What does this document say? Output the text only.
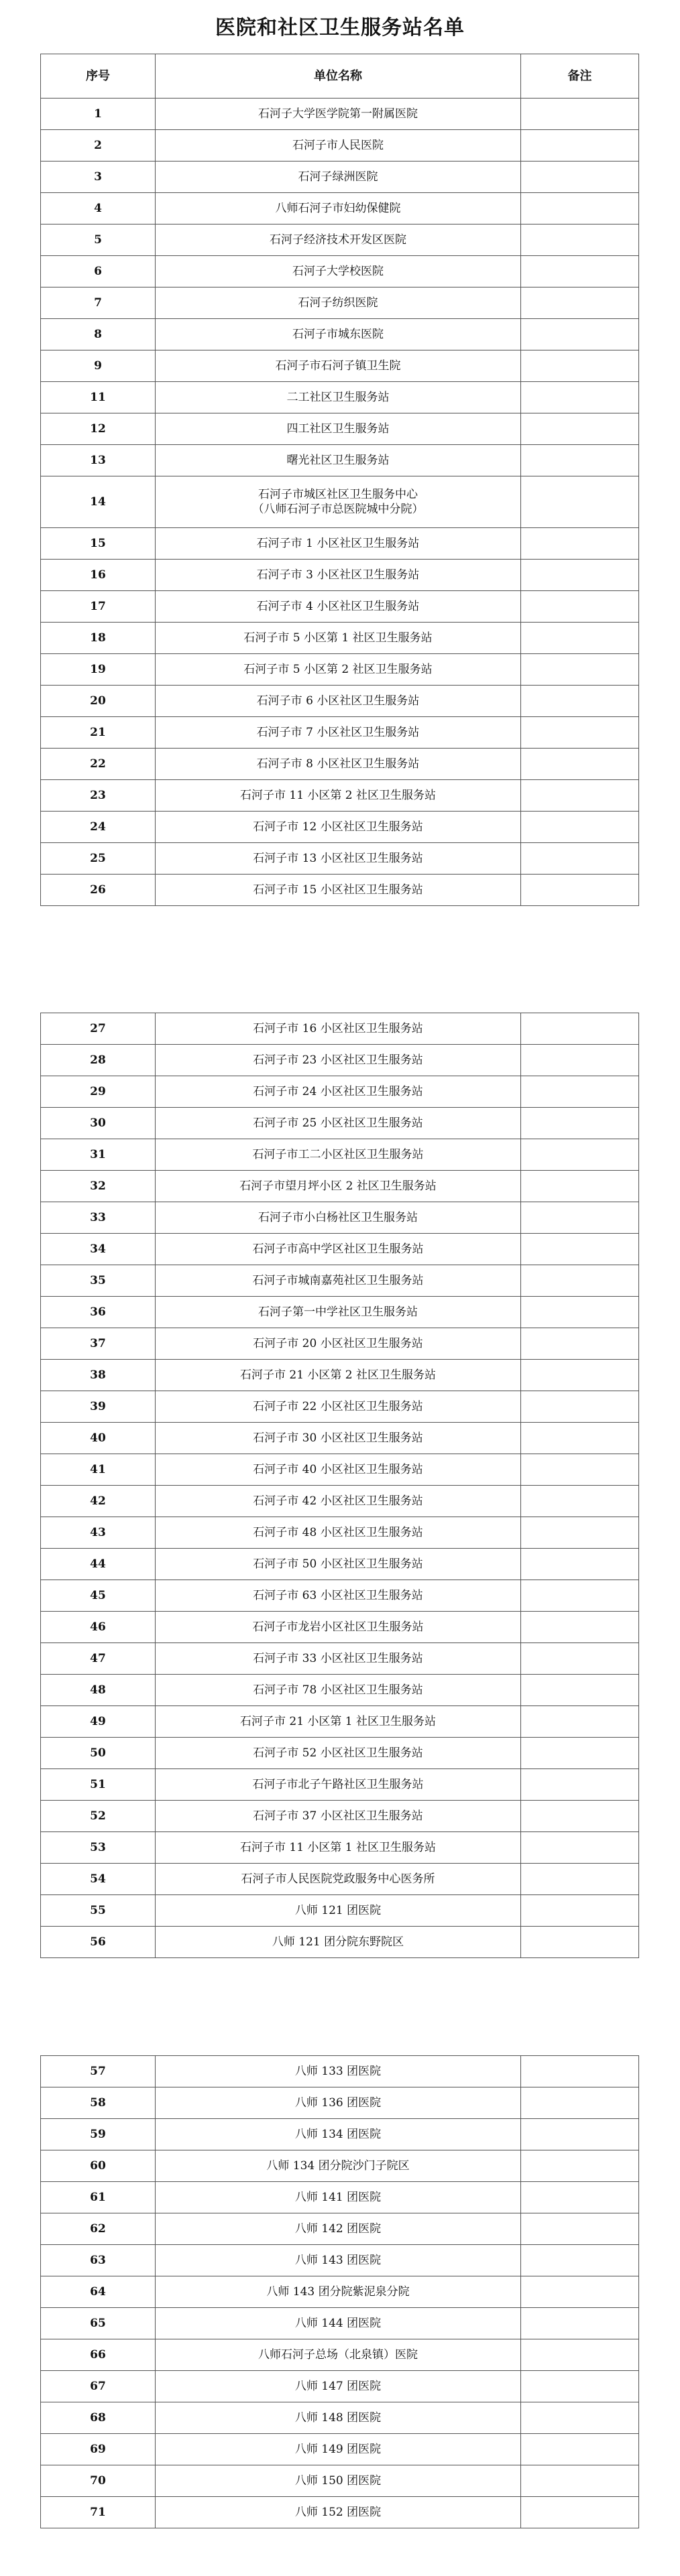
医院和社区卫生服务站名单
序号	单位名称	备注
1	石河子大学医学院第一附属医院	
2	石河子市人民医院	
3	石河子绿洲医院	
4	八师石河子市妇幼保健院	
5	石河子经济技术开发区医院	
6	石河子大学校医院	
7	石河子纺织医院	
8	石河子市城东医院	
9	石河子市石河子镇卫生院	
11	二工社区卫生服务站	
12	四工社区卫生服务站	
13	曙光社区卫生服务站	
14	石河子市城区社区卫生服务中心
（八师石河子市总医院城中分院）	

15	石河子市 1 小区社区卫生服务站	
16	石河子市 3 小区社区卫生服务站	
17	石河子市 4 小区社区卫生服务站	
18	石河子市 5 小区第 1 社区卫生服务站	
19	石河子市 5 小区第 2 社区卫生服务站	
20	石河子市 6 小区社区卫生服务站	
21	石河子市 7 小区社区卫生服务站	
22	石河子市 8 小区社区卫生服务站	
23	石河子市 11 小区第 2 社区卫生服务站	
24	石河子市 12 小区社区卫生服务站	
25	石河子市 13 小区社区卫生服务站	
26	石河子市 15 小区社区卫生服务站	
27	石河子市 16 小区社区卫生服务站	
28	石河子市 23 小区社区卫生服务站	
29	石河子市 24 小区社区卫生服务站	
30	石河子市 25 小区社区卫生服务站	
31	石河子市工二小区社区卫生服务站	
32	石河子市望月坪小区 2 社区卫生服务站	
33	石河子市小白杨社区卫生服务站	
34	石河子市高中学区社区卫生服务站	
35	石河子市城南嘉苑社区卫生服务站	
36	石河子第一中学社区卫生服务站	
37	石河子市 20 小区社区卫生服务站	
38	石河子市 21 小区第 2 社区卫生服务站	
39	石河子市 22 小区社区卫生服务站	
40	石河子市 30 小区社区卫生服务站	
41	石河子市 40 小区社区卫生服务站	
42	石河子市 42 小区社区卫生服务站	
43	石河子市 48 小区社区卫生服务站	
44	石河子市 50 小区社区卫生服务站	
45	石河子市 63 小区社区卫生服务站	
46	石河子市龙岩小区社区卫生服务站	
47	石河子市 33 小区社区卫生服务站	
48	石河子市 78 小区社区卫生服务站	
49	石河子市 21 小区第 1 社区卫生服务站	
50	石河子市 52 小区社区卫生服务站	
51	石河子市北子午路社区卫生服务站	
52	石河子市 37 小区社区卫生服务站	
53	石河子市 11 小区第 1 社区卫生服务站	
54	石河子市人民医院党政服务中心医务所	
55	八师 121 团医院	
56	八师 121 团分院东野院区	
57	八师 133 团医院	
58	八师 136 团医院	
59	八师 134 团医院	
60	八师 134 团分院沙门子院区	
61	八师 141 团医院	
62	八师 142 团医院	
63	八师 143 团医院	
64	八师 143 团分院紫泥泉分院	
65	八师 144 团医院	
66	八师石河子总场（北泉镇）医院	
67	八师 147 团医院	
68	八师 148 团医院	
69	八师 149 团医院	
70	八师 150 团医院	
71	八师 152 团医院	
